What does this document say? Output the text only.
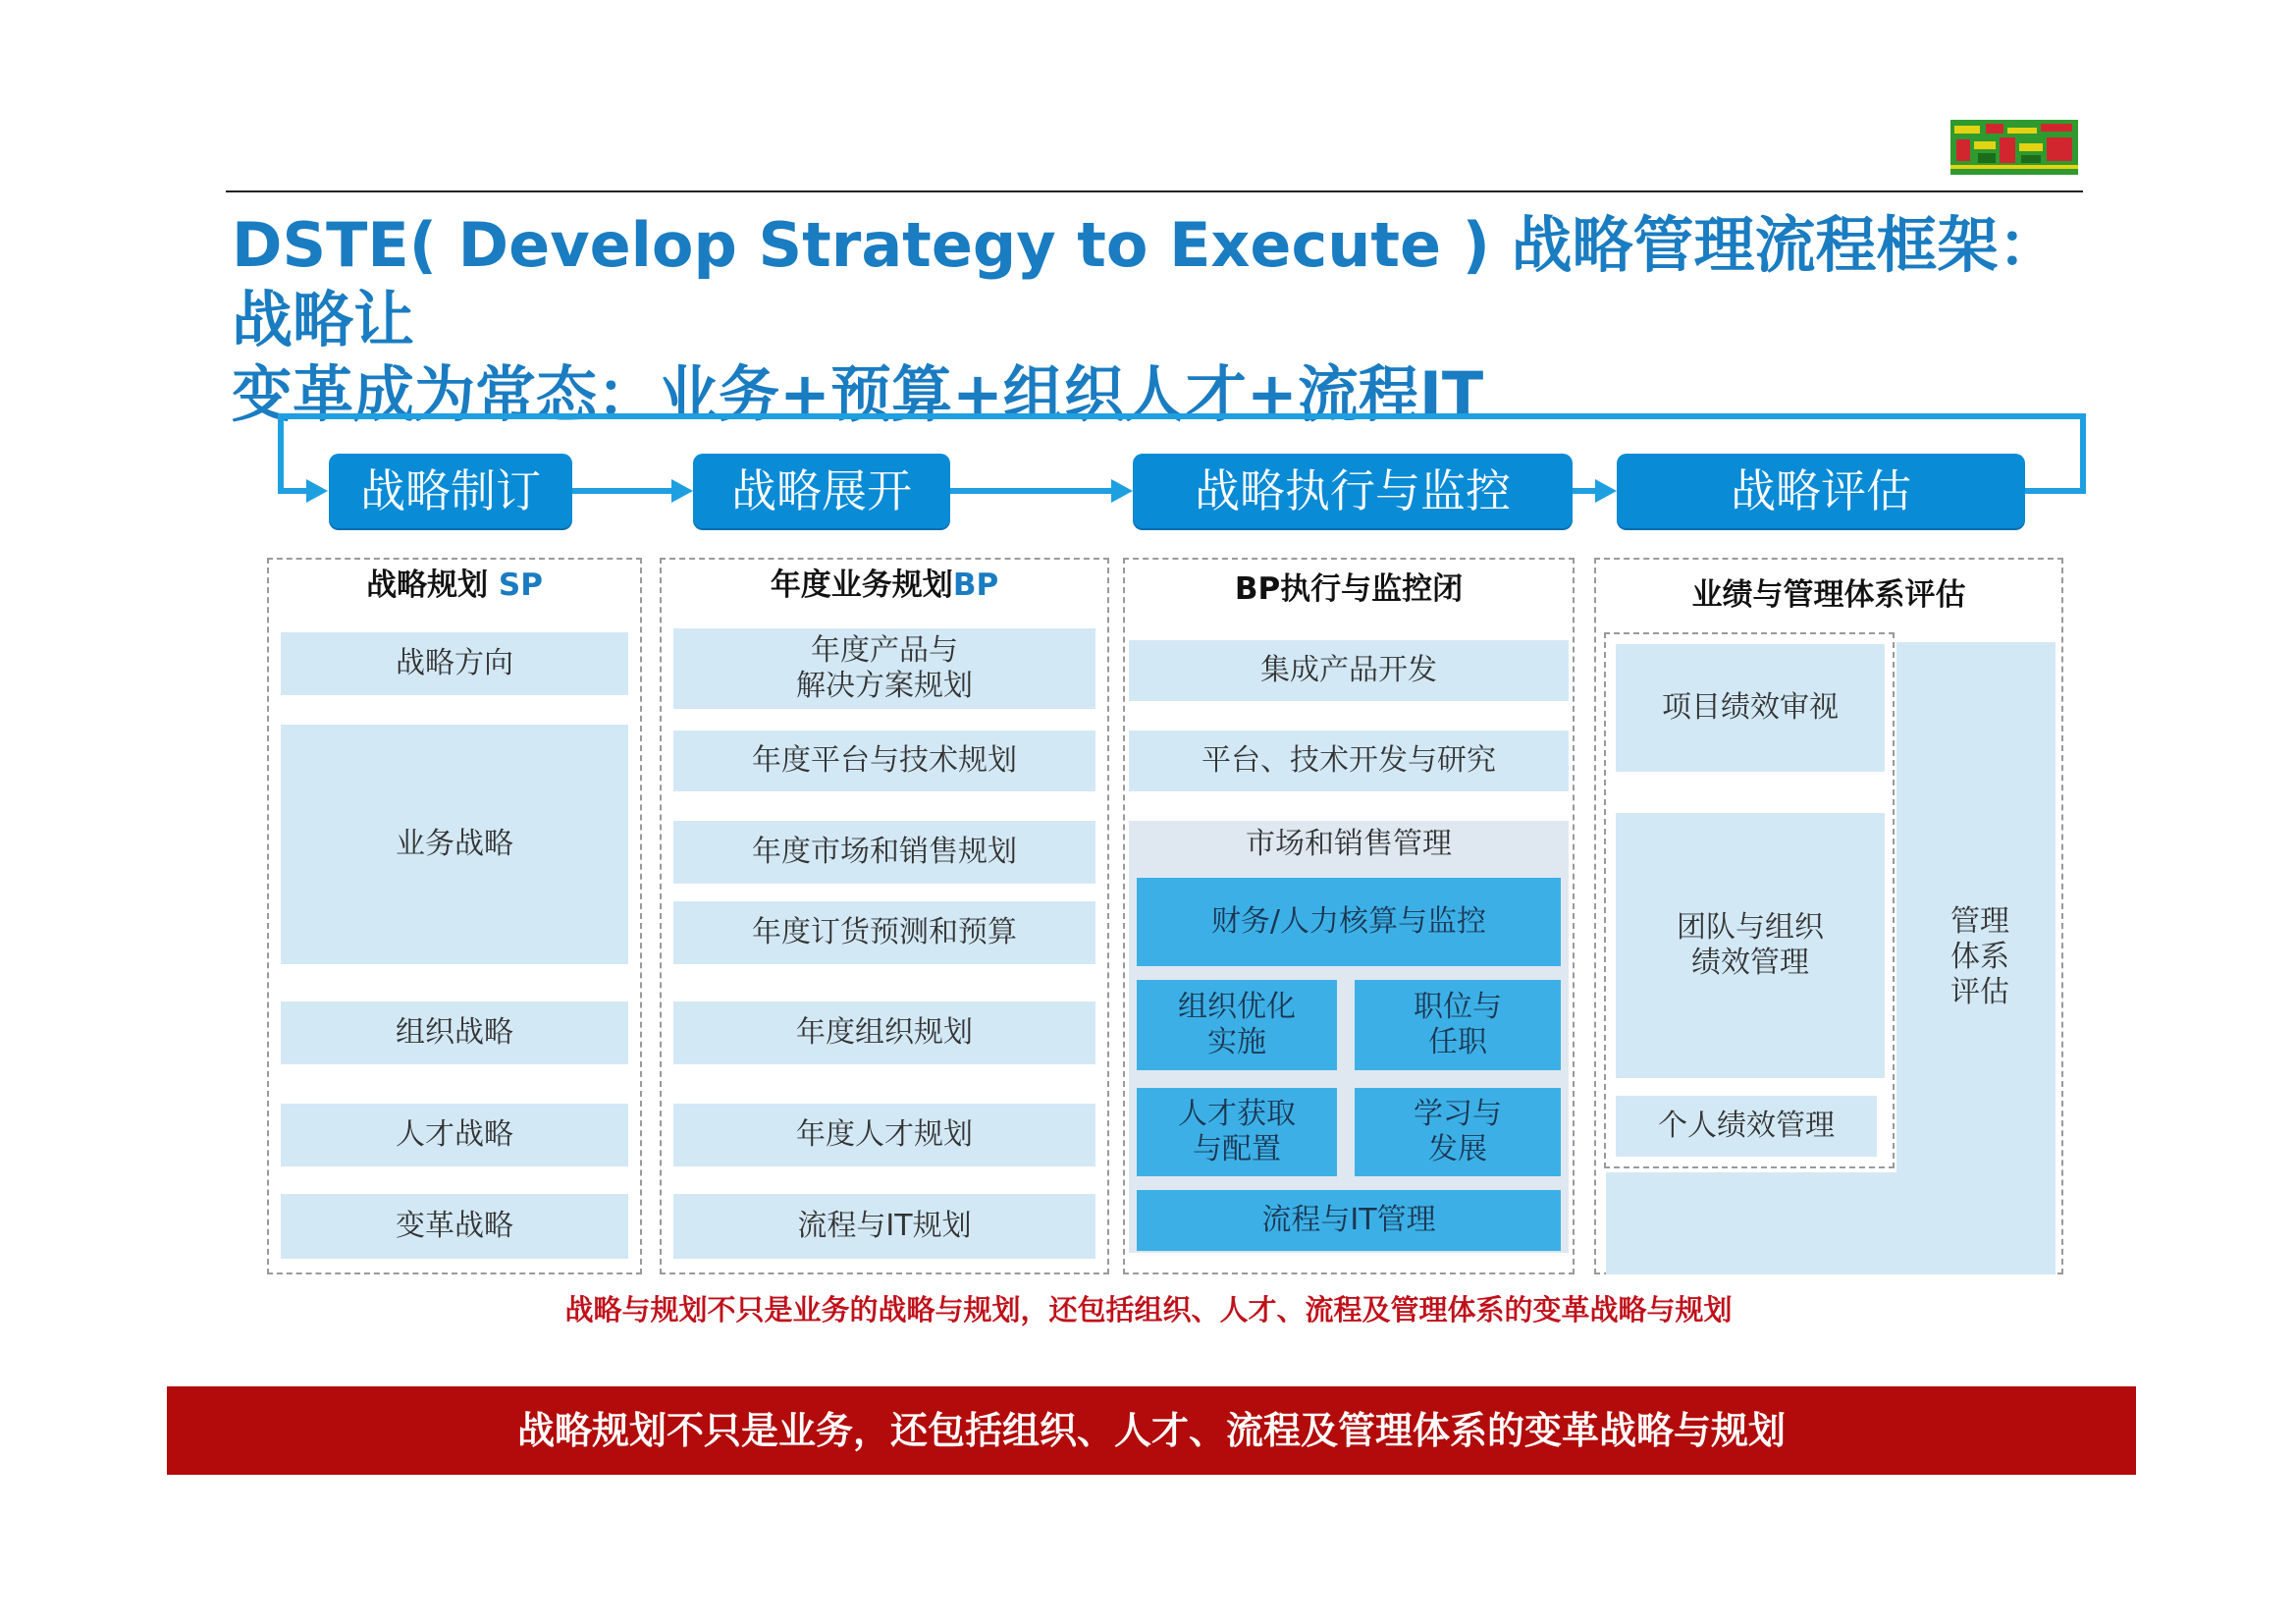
DSTE( Develop Strategy to Execute ) 战略管理流程框架：战略让
变革成为常态：业务+预算+组织人才+流程IT
战略制订	战略展开	战略执行与监控	战略评估
战略规划 SP
战略方向
业务战略
组织战略
人才战略
变革战略
年度业务规划BP
年度产品与
解决方案规划
年度平台与技术规划
年度市场和销售规划
年度订货预测和预算
年度组织规划
年度人才规划
流程与IT规划
BP执行与监控闭
集成产品开发
平台、技术开发与研究
市场和销售管理
财务/人力核算与监控
组织优化
实施
职位与
任职
人才获取
与配置
学习与
发展
流程与IT管理
业绩与管理体系评估
项目绩效审视
团队与组织
绩效管理
个人绩效管理
管理
体系
评估
战略与规划不只是业务的战略与规划，还包括组织、人才、流程及管理体系的变革战略与规划
战略规划不只是业务，还包括组织、人才、流程及管理体系的变革战略与规划
